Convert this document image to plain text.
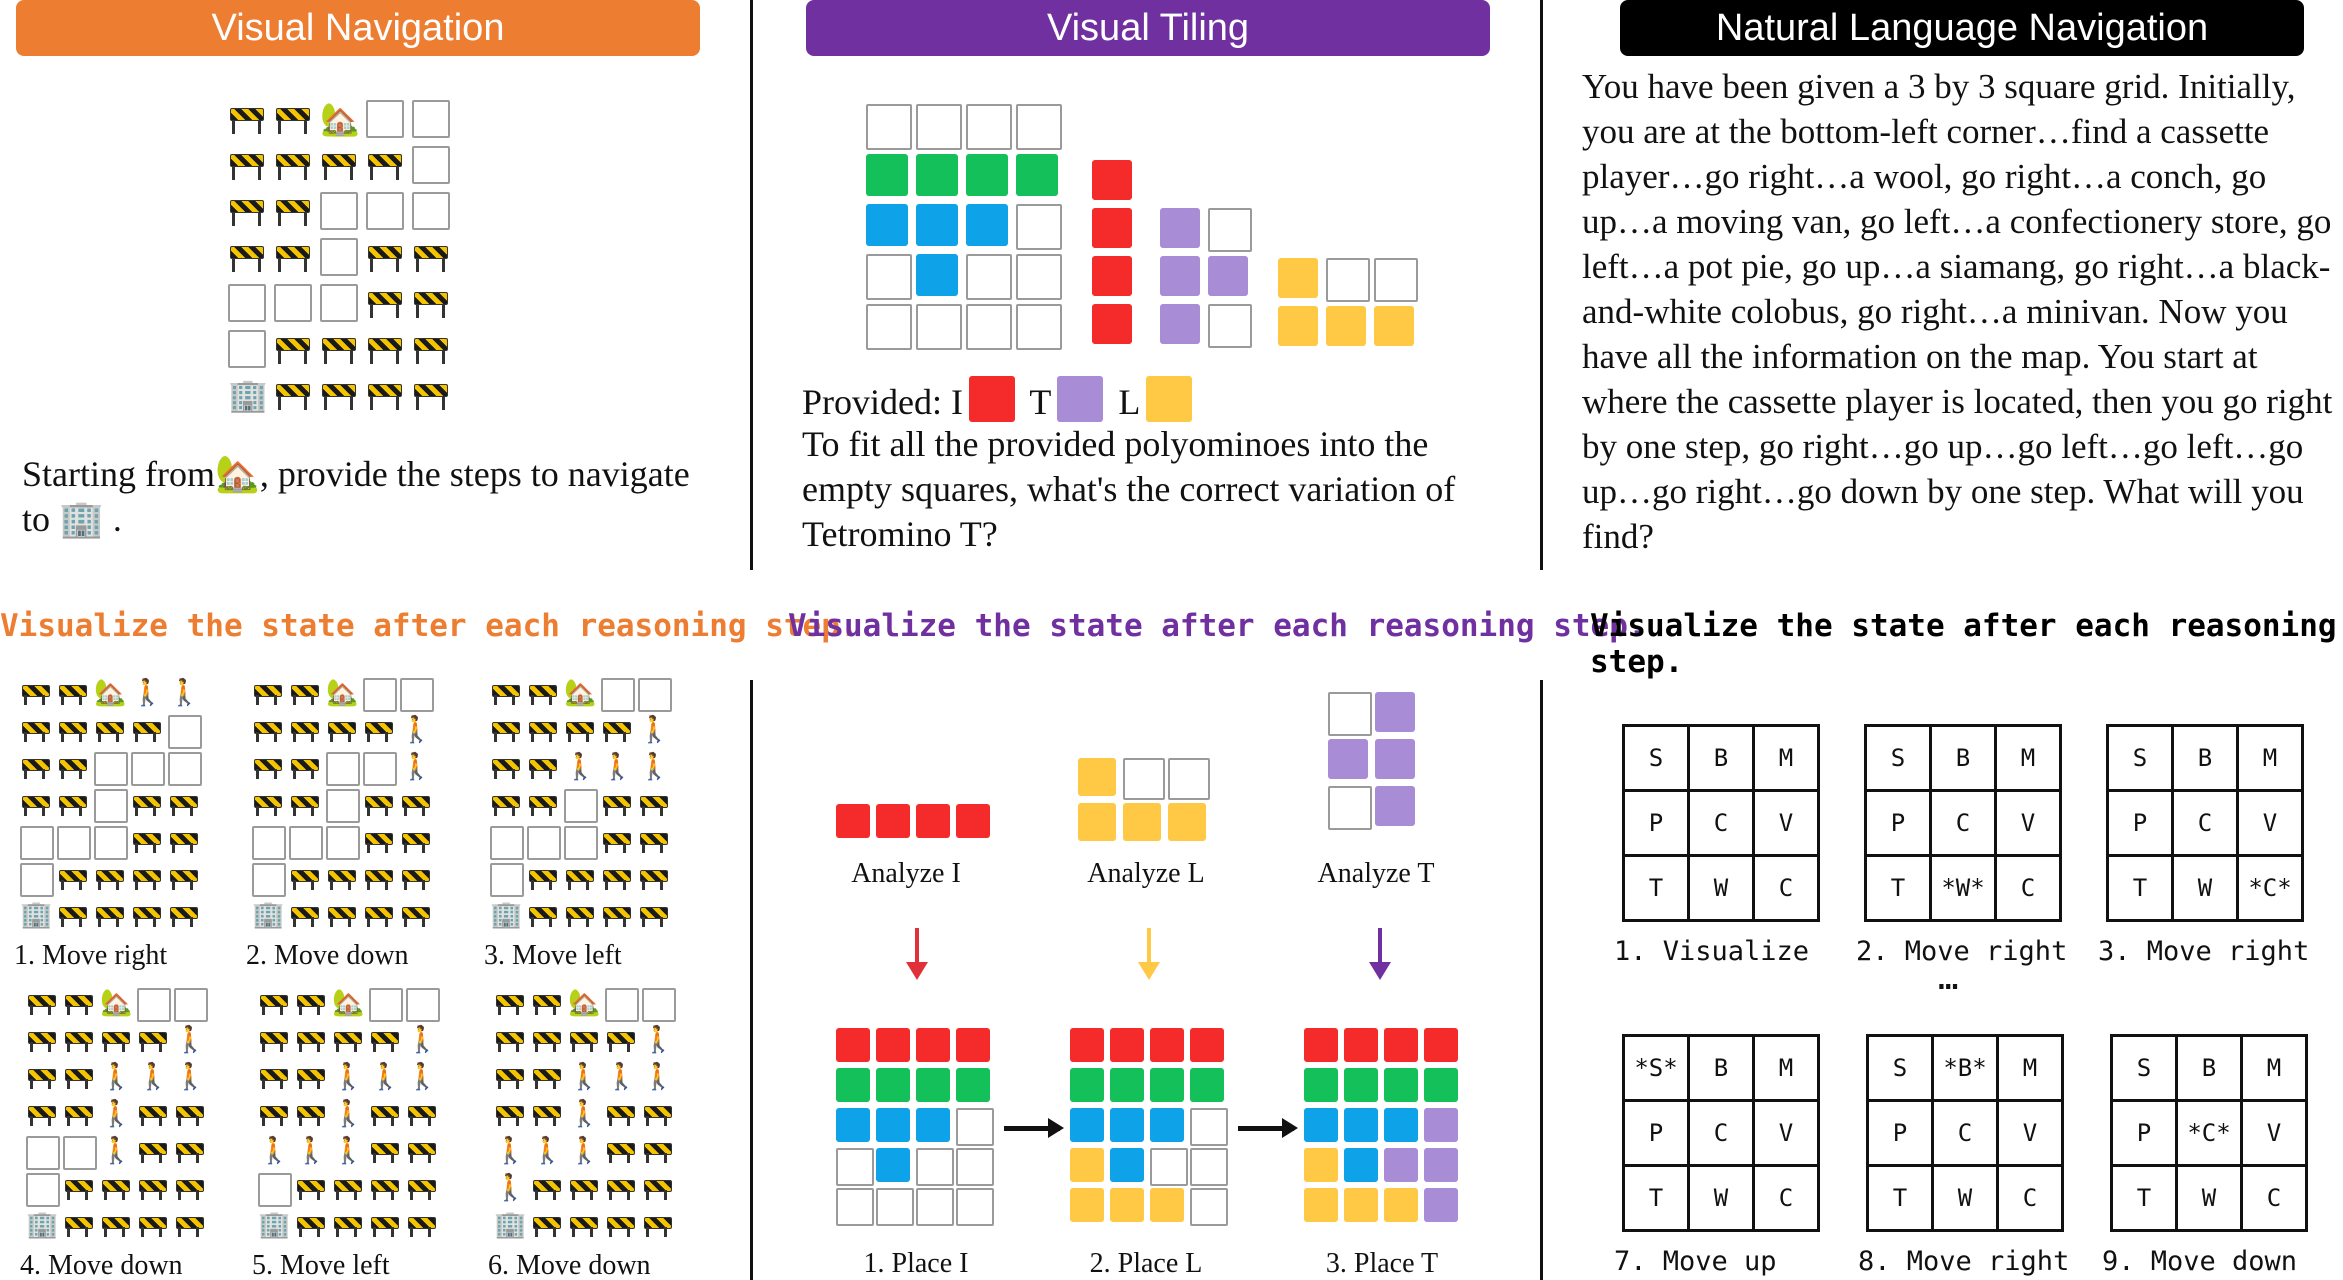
Visual Navigation	Visual Tiling	Natural Language Navigation
🏡
🏢
Starting from🏡, provide the steps to navigate
to 🏢 .
Visualize the state after each reasoning step.
🏡 🚶 🚶
🏢
1. Move right
🏡
🚶
🚶
🏢
2. Move down
🏡
🚶
🚶 🚶 🚶
🏢
3. Move left
🏡
🚶
🚶 🚶 🚶
🚶
🚶
🏢
4. Move down
🏡
🚶
🚶 🚶 🚶
🚶
🚶 🚶 🚶
🏢
5. Move left
🏡
🚶
🚶 🚶 🚶
🚶
🚶 🚶 🚶
🚶
🏢
6. Move down
Provided: I T L
To fit all the provided polyominoes into the empty squares, what's the correct variation of Tetromino T?
Visualize the state after each reasoning step.
Analyze I	Analyze L	Analyze T
1. Place I	2. Place L	3. Place T
You have been given a 3 by 3 square grid. Initially, you are at the bottom-left corner…find a cassette player…go right…a wool, go right…a conch, go up…a moving van, go left…a confectionery store, go left…a pot pie, go up…a siamang, go right…a black-and-white colobus, go right…a minivan. Now you have all the information on the map. You start at where the cassette player is located, then you go right by one step, go right…go up…go left…go left…go up…go right…go down by one step. What will you find?
Visualize the state after each reasoning step.
S	B	M
P	C	V
T	W	C
1. Visualize
S	B	M
P	C	V
T	*W*	C
2. Move right
S	B	M
P	C	V
T	W	*C*
3. Move right
*S*	B	M
P	C	V
T	W	C
7. Move up
S	*B*	M
P	C	V
T	W	C
8. Move right
S	B	M
P	*C*	V
T	W	C
9. Move down
…
